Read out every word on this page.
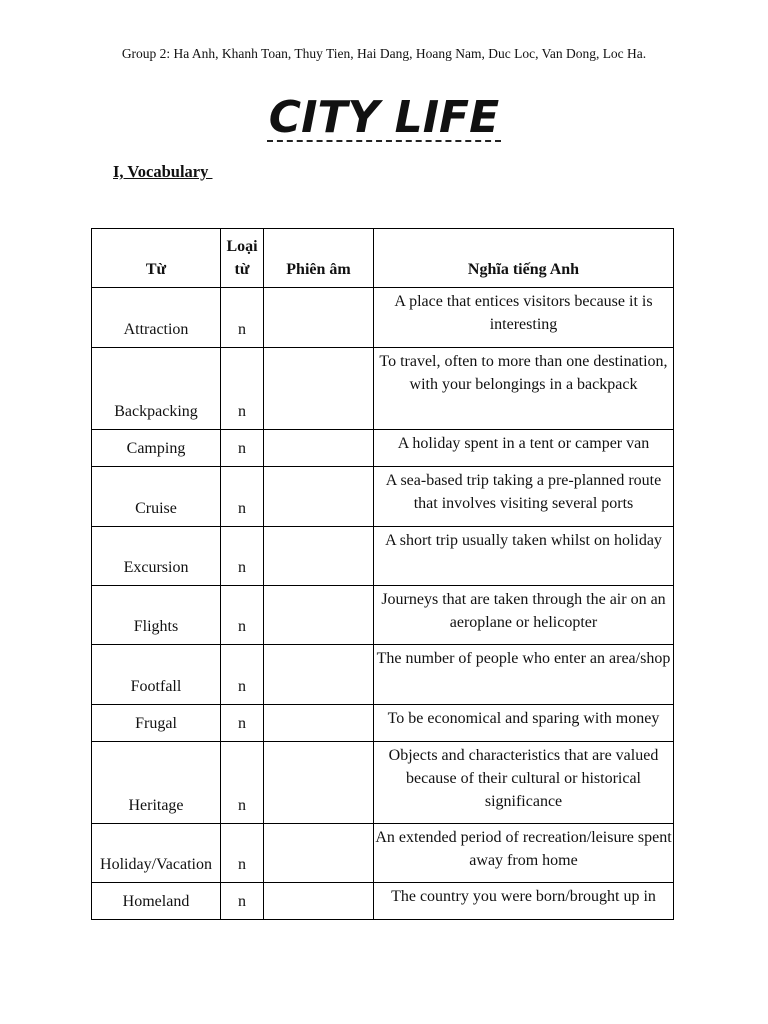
Group 2: Ha Anh, Khanh Toan, Thuy Tien, Hai Dang, Hoang Nam, Duc Loc, Van Dong, Loc Ha.
CITY LIFE
I, Vocabulary
Từ	Loại từ	Phiên âm	Nghĩa tiếng Anh
Attraction	n		A place that entices visitors because it is interesting
Backpacking	n		To travel, often to more than one destination, with your belongings in a backpack
Camping	n		A holiday spent in a tent or camper van
Cruise	n		A sea-based trip taking a pre-planned route that involves visiting several ports
Excursion	n		A short trip usually taken whilst on holiday
Flights	n		Journeys that are taken through the air on an aeroplane or helicopter
Footfall	n		The number of people who enter an area/shop
Frugal	n		To be economical and sparing with money
Heritage	n		Objects and characteristics that are valued because of their cultural or historical significance
Holiday/Vacation	n		An extended period of recreation/leisure spent away from home
Homeland	n		The country you were born/brought up in
